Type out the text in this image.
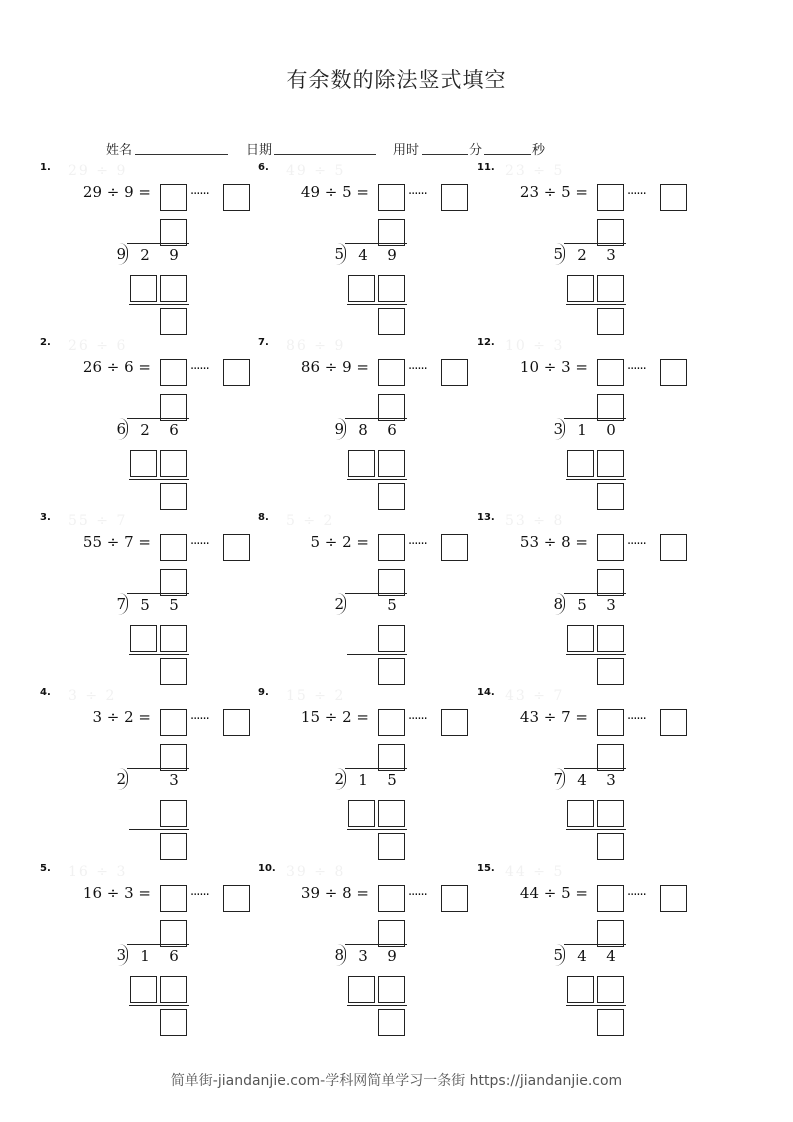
有余数的除法竖式填空
姓名	日期	用时	分	秒
1. 29 ÷ 9
29 ÷ 9 =	······
9 2 9
2. 26 ÷ 6
26 ÷ 6 =	······
6 2 6
3. 55 ÷ 7
55 ÷ 7 =	······
7 5 5
4. 3 ÷ 2
3 ÷ 2 =	······
2	3
5. 16 ÷ 3
16 ÷ 3 =	······
3 1 6
6. 49 ÷ 5
49 ÷ 5 =	······
5 4 9
7. 86 ÷ 9
86 ÷ 9 =	······
9 8 6
8. 5 ÷ 2
5 ÷ 2 =	······
2	5
9. 15 ÷ 2
15 ÷ 2 =	······
2 1 5
10. 39 ÷ 8
39 ÷ 8 =	······
8 3 9
11. 23 ÷ 5
23 ÷ 5 =	······
5 2 3
12. 10 ÷ 3
10 ÷ 3 =	······
3 1 0
13. 53 ÷ 8
53 ÷ 8 =	······
8 5 3
14. 43 ÷ 7
43 ÷ 7 =	······
7 4 3
15. 44 ÷ 5
44 ÷ 5 =	······
5 4 4
简单街-jiandanjie.com-学科网简单学习一条街 https://jiandanjie.com
